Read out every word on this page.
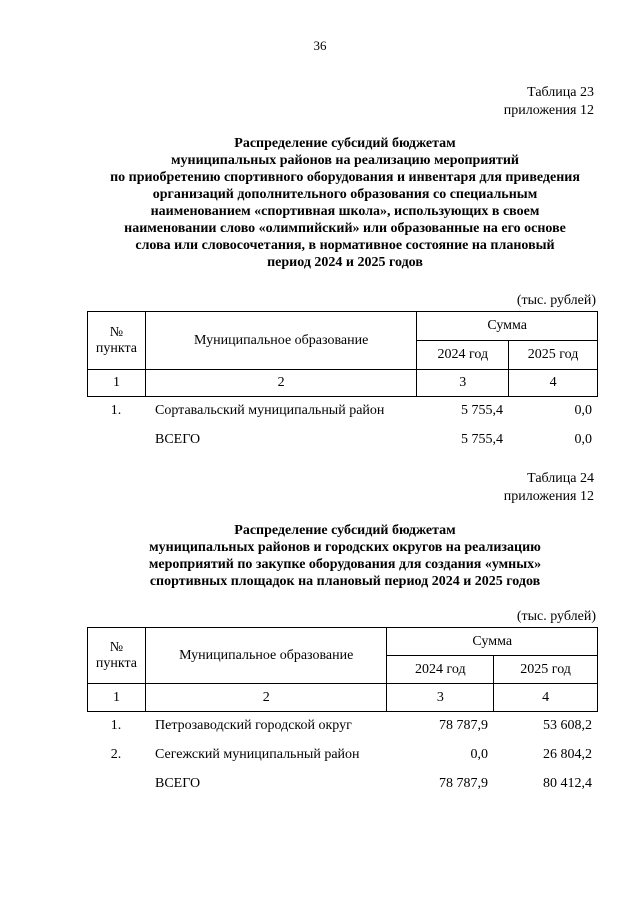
36
Таблица 23
приложения 12
Распределение субсидий бюджетам
муниципальных районов на реализацию мероприятий
по приобретению спортивного оборудования и инвентаря для приведения
организаций дополнительного образования со специальным
наименованием «спортивная школа», использующих в своем
наименовании слово «олимпийский» или образованные на его основе
слова или словосочетания, в нормативное состояние на плановый
период 2024 и 2025 годов
(тыс. рублей)
№ пункта	Муниципальное образование	Сумма	
		2024 год	2025 год
1	2	3	4
1.	Сортавальский муниципальный район	5 755,4	0,0
	ВСЕГО	5 755,4	0,0
Таблица 24
приложения 12
Распределение субсидий бюджетам
муниципальных районов и городских округов на реализацию
мероприятий по закупке оборудования для создания «умных»
спортивных площадок на плановый период 2024 и 2025 годов
(тыс. рублей)
№ пункта	Муниципальное образование	Сумма	
		2024 год	2025 год
1	2	3	4
1.	Петрозаводский городской округ	78 787,9	53 608,2
2.	Сегежский муниципальный район	0,0	26 804,2
	ВСЕГО	78 787,9	80 412,4
